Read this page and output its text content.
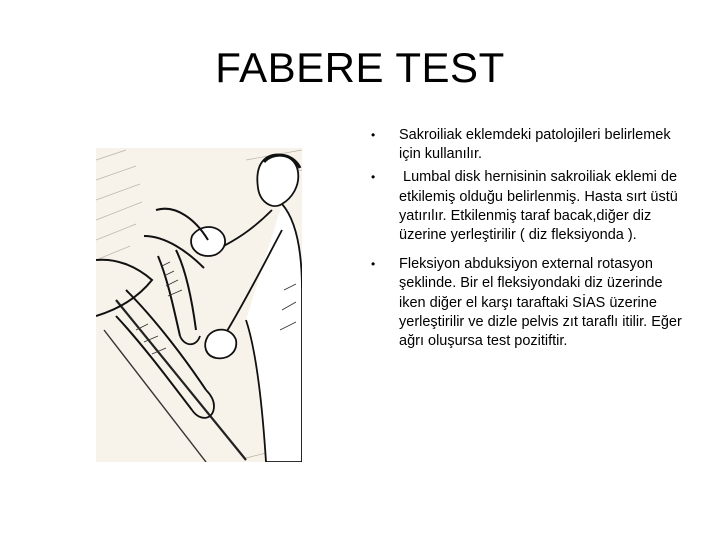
FABERE TEST
• Sakroiliak eklemdeki patolojileri belirlemek için kullanılır.
• Lumbal disk hernisinin sakroiliak eklemi de etkilemiş olduğu belirlenmiş. Hasta sırt üstü yatırılır. Etkilenmiş taraf bacak,diğer diz üzerine yerleştirilir ( diz fleksiyonda ).
• Fleksiyon abduksiyon external rotasyon şeklinde. Bir el fleksiyondaki diz üzerinde iken diğer el karşı taraftaki SİAS üzerine yerleştirilir ve dizle pelvis zıt taraflı itilir. Eğer ağrı oluşursa test pozitiftir.
